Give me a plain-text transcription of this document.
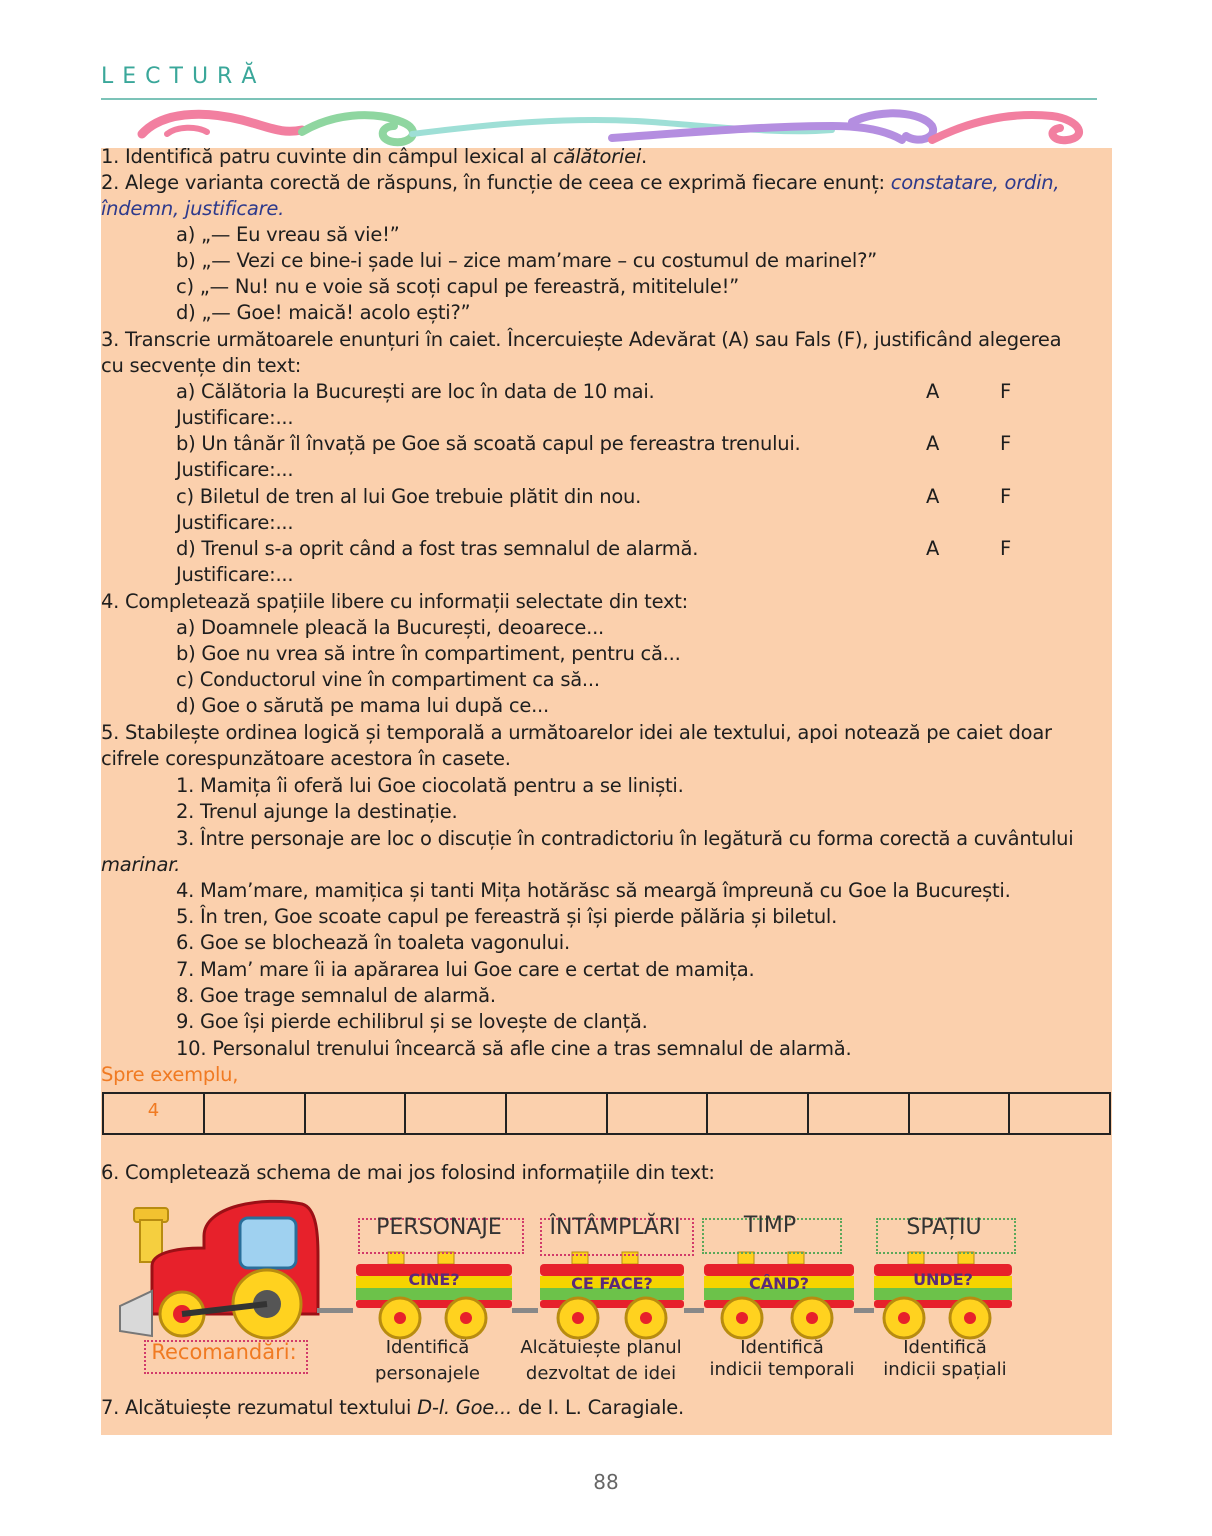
LECTURĂ
1. Identifică patru cuvinte din câmpul lexical al călătoriei.
2. Alege varianta corectă de răspuns, în funcție de ceea ce exprimă fiecare enunț: constatare, ordin,
îndemn, justificare.
a) „— Eu vreau să vie!”
b) „— Vezi ce bine-i șade lui – zice mam’mare – cu costumul de marinel?”
c) „— Nu! nu e voie să scoți capul pe fereastră, mititelule!”
d) „— Goe! maică! acolo ești?”
3. Transcrie următoarele enunțuri în caiet. Încercuiește Adevărat (A) sau Fals (F), justificând alegerea
cu secvențe din text:
a) Călătoria la București are loc în data de 10 mai.	A	F
Justificare:...
b) Un tânăr îl învață pe Goe să scoată capul pe fereastra trenului.	A	F
Justificare:...
c) Biletul de tren al lui Goe trebuie plătit din nou.	A	F
Justificare:...
d) Trenul s-a oprit când a fost tras semnalul de alarmă.	A	F
Justificare:...
4. Completează spațiile libere cu informații selectate din text:
a) Doamnele pleacă la București, deoarece...
b) Goe nu vrea să intre în compartiment, pentru că...
c) Conductorul vine în compartiment ca să...
d) Goe o sărută pe mama lui după ce...
5. Stabilește ordinea logică și temporală a următoarelor idei ale textului, apoi notează pe caiet doar
cifrele corespunzătoare acestora în casete.
1. Mamița îi oferă lui Goe ciocolată pentru a se liniști.
2. Trenul ajunge la destinație.
3. Între personaje are loc o discuție în contradictoriu în legătură cu forma corectă a cuvântului
marinar.
4. Mam’mare, mamițica și tanti Mița hotărăsc să meargă împreună cu Goe la București.
5. În tren, Goe scoate capul pe fereastră și își pierde pălăria și biletul.
6. Goe se blochează în toaleta vagonului.
7. Mam’ mare îi ia apărarea lui Goe care e certat de mamița.
8. Goe trage semnalul de alarmă.
9. Goe își pierde echilibrul și se lovește de clanță.
10. Personalul trenului încearcă să afle cine a tras semnalul de alarmă.
Spre exemplu,
4									
6. Completează schema de mai jos folosind informațiile din text:
PERSONAJE	ÎNTÂMPLĂRI	TIMP	SPAȚIU
CINE?	CE FACE?	CÂND?	UNDE?
Recomandări:	Identifică
personajele
Alcătuiește planul
dezvoltat de idei
Identifică
indicii temporali
Identifică
indicii spațiali
7. Alcătuiește rezumatul textului D-l. Goe... de I. L. Caragiale.
88
